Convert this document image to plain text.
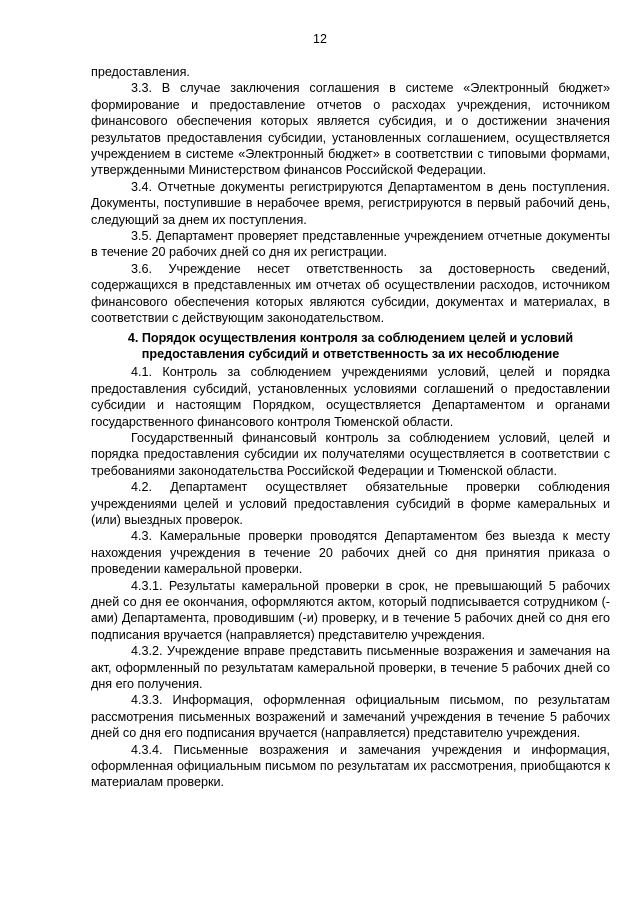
12

предоставления.

3.3. В случае заключения соглашения в системе «Электронный бюджет» формирование и предоставление отчетов о расходах учреждения, источником финансового обеспечения которых является субсидия, и о достижении значения результатов предоставления субсидии, установленных соглашением, осуществляется учреждением в системе «Электронный бюджет» в соответствии с типовыми формами, утвержденными Министерством финансов Российской Федерации.

3.4. Отчетные документы регистрируются Департаментом в день поступления. Документы, поступившие в нерабочее время, регистрируются в первый рабочий день, следующий за днем их поступления.

3.5. Департамент проверяет представленные учреждением отчетные документы в течение 20 рабочих дней со дня их регистрации.

3.6. Учреждение несет ответственность за достоверность сведений, содержащихся в представленных им отчетах об осуществлении расходов, источником финансового обеспечения которых являются субсидии, документах и материалах, в соответствии с действующим законодательством.

4. Порядок осуществления контроля за соблюдением целей и условий
предоставления субсидий и ответственность за их несоблюдение

4.1. Контроль за соблюдением учреждениями условий, целей и порядка предоставления субсидий, установленных условиями соглашений о предоставлении субсидии и настоящим Порядком, осуществляется Департаментом и органами государственного финансового контроля Тюменской области.

Государственный финансовый контроль за соблюдением условий, целей и порядка предоставления субсидии их получателями осуществляется в соответствии с требованиями законодательства Российской Федерации и Тюменской области.

4.2. Департамент осуществляет обязательные проверки соблюдения учреждениями целей и условий предоставления субсидий в форме камеральных и (или) выездных проверок.

4.3. Камеральные проверки проводятся Департаментом без выезда к месту нахождения учреждения в течение 20 рабочих дней со дня принятия приказа о проведении камеральной проверки.

4.3.1. Результаты камеральной проверки в срок, не превышающий 5 рабочих дней со дня ее окончания, оформляются актом, который подписывается сотрудником (-ами) Департамента, проводившим (-и) проверку, и в течение 5 рабочих дней со дня его подписания вручается (направляется) представителю учреждения.

4.3.2. Учреждение вправе представить письменные возражения и замечания на акт, оформленный по результатам камеральной проверки, в течение 5 рабочих дней со дня его получения.

4.3.3. Информация, оформленная официальным письмом, по результатам рассмотрения письменных возражений и замечаний учреждения в течение 5 рабочих дней со дня его подписания вручается (направляется) представителю учреждения.

4.3.4. Письменные возражения и замечания учреждения и информация, оформленная официальным письмом по результатам их рассмотрения, приобщаются к материалам проверки.
